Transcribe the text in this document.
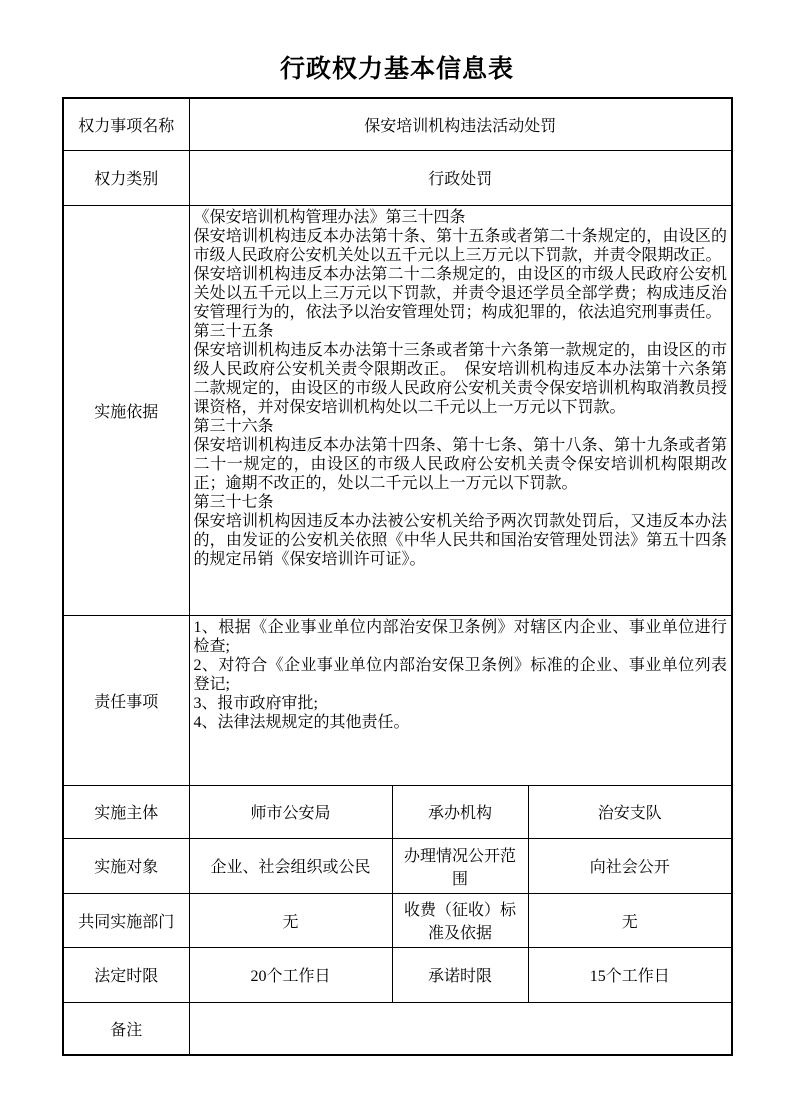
行政权力基本信息表
权力事项名称	保安培训机构违法活动处罚		
权力类别	行政处罚		
实施依据	
《保安培训机构管理办法》第三十四条
保安培训机构违反本办法第十条、第十五条或者第二十条规定的，由设区的市级人民政府公安机关处以五千元以上三万元以下罚款，并责令限期改正。
保安培训机构违反本办法第二十二条规定的，由设区的市级人民政府公安机关处以五千元以上三万元以下罚款，并责令退还学员全部学费；构成违反治安管理行为的，依法予以治安管理处罚；构成犯罪的，依法追究刑事责任。
第三十五条
保安培训机构违反本办法第十三条或者第十六条第一款规定的，由设区的市级人民政府公安机关责令限期改正。　保安培训机构违反本办法第十六条第二款规定的，由设区的市级人民政府公安机关责令保安培训机构取消教员授课资格，并对保安培训机构处以二千元以上一万元以下罚款。
第三十六条
保安培训机构违反本办法第十四条、第十七条、第十八条、第十九条或者第二十一规定的，由设区的市级人民政府公安机关责令保安培训机构限期改正；逾期不改正的，处以二千元以上一万元以下罚款。
第三十七条
保安培训机构因违反本办法被公安机关给予两次罚款处罚后，又违反本办法的，由发证的公安机关依照《中华人民共和国治安管理处罚法》第五十四条的规定吊销《保安培训许可证》。

责任事项	1、根据《企业事业单位内部治安保卫条例》对辖区内企业、事业单位进行检查;
2、对符合《企业事业单位内部治安保卫条例》标准的企业、事业单位列表登记;
3、报市政府审批;
4、法律法规规定的其他责任。		

实施主体	师市公安局	承办机构	治安支队
实施对象	企业、社会组织或公民	办理情况公开范围	向社会公开
共同实施部门	无	收费（征收）标准及依据	无
法定时限	20个工作日	承诺时限	15个工作日
备注			
